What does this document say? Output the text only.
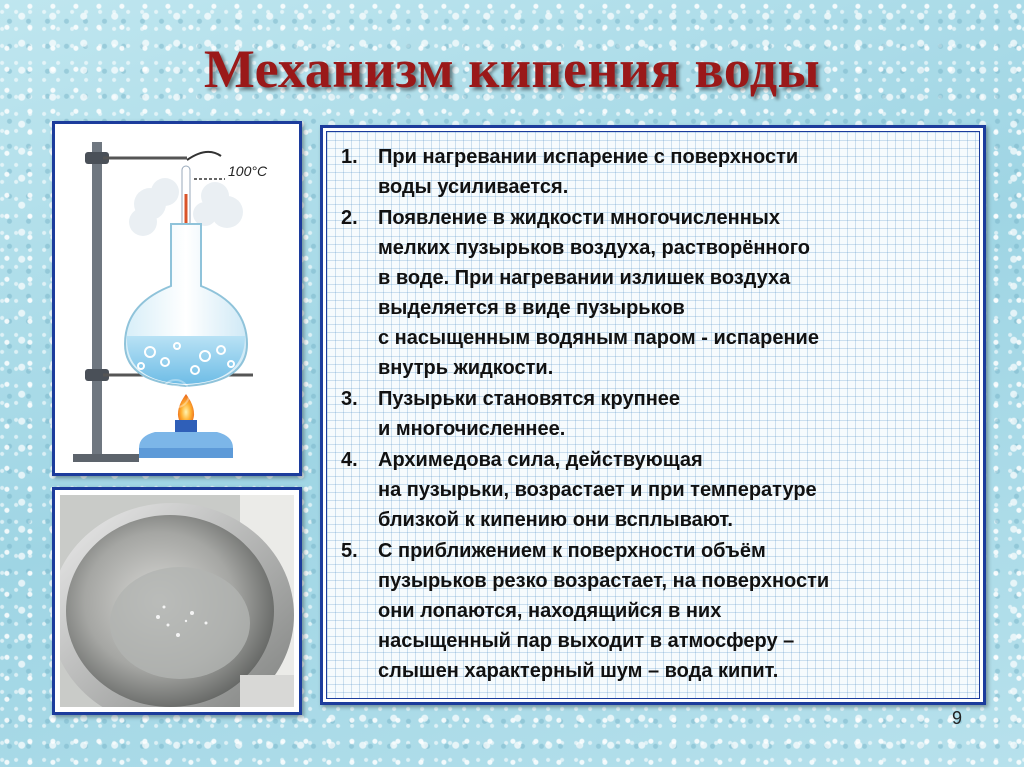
Механизм кипения воды
100°C
©
1. При нагревании испарение с поверхности
воды усиливается.
2. Появление в жидкости многочисленных
мелких пузырьков воздуха, растворённого
в воде. При нагревании излишек воздуха
выделяется в виде пузырьков
с насыщенным водяным паром - испарение
внутрь жидкости.
3. Пузырьки становятся крупнее
и многочисленнее.
4. Архимедова сила, действующая
на пузырьки, возрастает и при температуре
близкой к кипению они всплывают.
5. С приближением к поверхности объём
пузырьков резко возрастает, на поверхности
они лопаются, находящийся в них
насыщенный пар выходит в атмосферу –
слышен характерный шум – вода кипит.
9
